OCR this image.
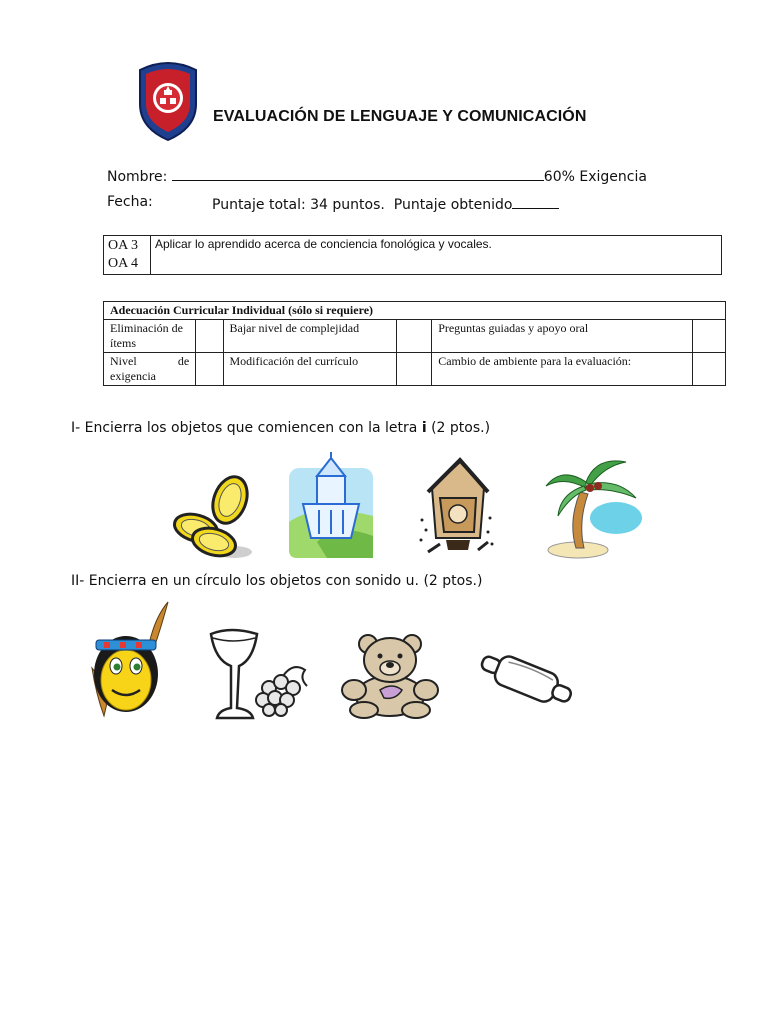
EVALUACIÓN DE LENGUAJE Y COMUNICACIÓN
Nombre:	60% Exigencia
Fecha:	Puntaje total: 34 puntos. Puntaje obtenido
OA 3
OA 4
	Aplicar lo aprendido acerca de conciencia fonológica y vocales.
Adecuación Curricular Individual (sólo si requiere)					
Eliminación de ítems		Bajar nivel de complejidad		Preguntas guiadas y apoyo oral	
Nivel de exigencia		Modificación del currículo		Cambio de ambiente para la evaluación:	
I- Encierra los objetos que comiencen con la letra i (2 ptos.)
II- Encierra en un círculo los objetos con sonido u. (2 ptos.)
